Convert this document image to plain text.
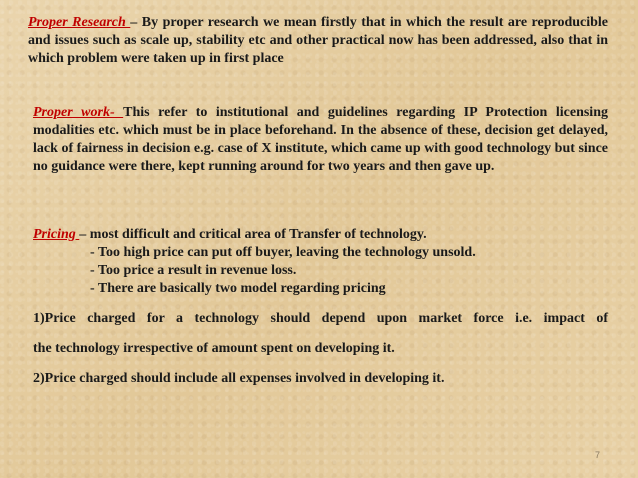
Proper Research – By proper research we mean firstly that in which the result are reproducible and issues such as scale up, stability etc and other practical now has been addressed, also that in which problem were taken up in first place

Proper work- This refer to institutional and guidelines regarding IP Protection licensing modalities etc. which must be in place beforehand. In the absence of these, decision get delayed, lack of fairness in decision e.g. case of X institute, which came up with good technology but since no guidance were there, kept running around for two years and then gave up.

Pricing – most difficult and critical area of Transfer of technology.
- Too high price can put off buyer, leaving the technology unsold.
- Too price a result in revenue loss.
- There are basically two model regarding pricing

1)Price charged for a technology should depend upon market force i.e. impact of

the technology irrespective of amount spent on developing it.

2)Price charged should include all expenses involved in developing it.

7
